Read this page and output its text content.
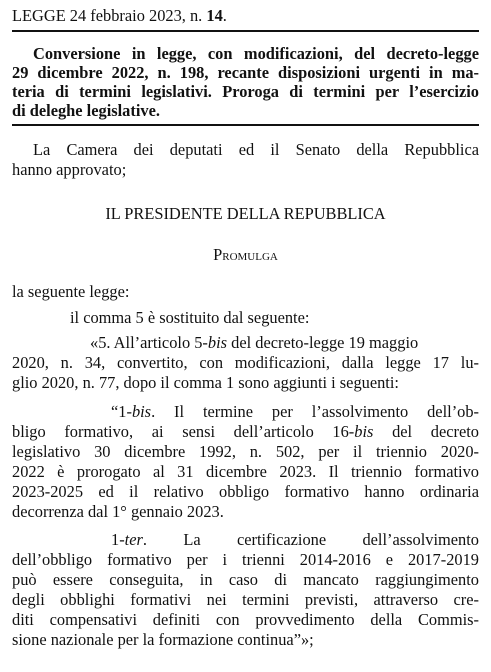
LEGGE 24 febbraio 2023, n. 14.
Conversione in legge, con modificazioni, del decreto-legge
29 dicembre 2022, n. 198, recante disposizioni urgenti in ma-
teria di termini legislativi. Proroga di termini per l’esercizio
di deleghe legislative.
La Camera dei deputati ed il Senato della Repubblica
hanno approvato;
IL PRESIDENTE DELLA REPUBBLICA
Promulga
la seguente legge:
il comma 5 è sostituito dal seguente:
«5. All’articolo 5-bis del decreto-legge 19 maggio
2020, n. 34, convertito, con modificazioni, dalla legge 17 lu-
glio 2020, n. 77, dopo il comma 1 sono aggiunti i seguenti:
“1-bis. Il termine per l’assolvimento dell’ob-
bligo formativo, ai sensi dell’articolo 16-bis del decreto
legislativo 30 dicembre 1992, n. 502, per il triennio 2020-
2022 è prorogato al 31 dicembre 2023. Il triennio formativo
2023-2025 ed il relativo obbligo formativo hanno ordinaria
decorrenza dal 1° gennaio 2023.
1-ter. La certificazione dell’assolvimento
dell’obbligo formativo per i trienni 2014-2016 e 2017-2019
può essere conseguita, in caso di mancato raggiungimento
degli obblighi formativi nei termini previsti, attraverso cre-
diti compensativi definiti con provvedimento della Commis-
sione nazionale per la formazione continua”»;
